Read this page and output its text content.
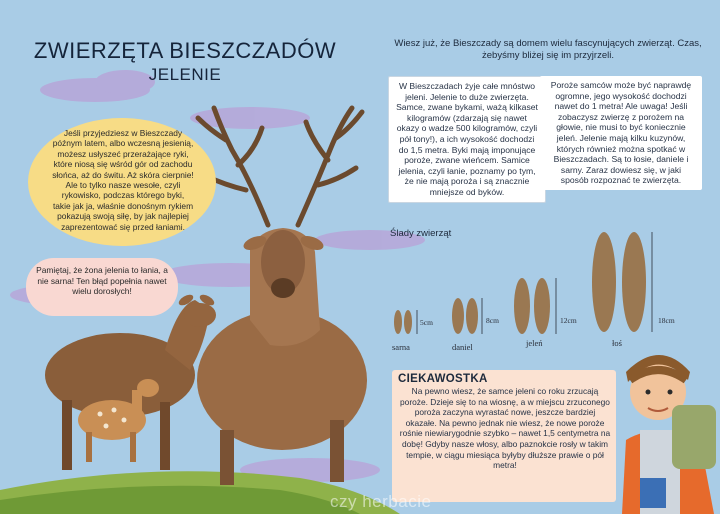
ZWIERZĘTA BIESZCZADÓW
JELENIE
Wiesz już, że Bieszczady są domem wielu fascynujących zwierząt. Czas, żebyśmy bliżej się im przyjrzeli.

W Bieszczadach żyje całe mnóstwo jeleni. Jelenie to duże zwierzęta. Samce, zwane bykami, ważą kilkaset kilogramów (zdarzają się nawet okazy o wadze 500 kilogramów, czyli pół tony!), a ich wysokość dochodzi do 1,5 metra. Byki mają imponujące poroże, zwane wieńcem. Samice jelenia, czyli łanie, poznamy po tym, że nie mają poroża i są znacznie mniejsze od byków.

Poroże samców może być naprawdę ogromne, jego wysokość dochodzi nawet do 1 metra! Ale uwaga! Jeśli zobaczysz zwierzę z porożem na głowie, nie musi to być koniecznie jeleń. Jelenie mają kilku kuzynów, których również można spotkać w Bieszczadach. Są to łosie, daniele i sarny. Zaraz dowiesz się, w jaki sposób rozpoznać te zwierzęta.

Ślady zwierząt
5cm	8cm	12cm	18cm
sarna	daniel	jeleń	łoś
Jeśli przyjedziesz w Bieszczady późnym latem, albo wczesną jesienią, możesz usłyszeć przerażające ryki, które niosą się wśród gór od zachodu słońca, aż do świtu. Aż skóra cierpnie! Ale to tylko nasze wesołe, czyli rykowisko, podczas którego byki, takie jak ja, właśnie donośnym rykiem pokazują swoją siłę, by jak najlepiej zaprezentować się przed łaniami.
Pamiętaj, że żona jelenia to łania, a nie sarna! Ten błąd popełnia nawet wielu dorosłych!
CIEKAWOSTKA
Na pewno wiesz, że samce jeleni co roku zrzucają poroże. Dzieje się to na wiosnę, a w miejscu zrzuconego poroża zaczyna wyrastać nowe, jeszcze bardziej okazałe. Na pewno jednak nie wiesz, że nowe poroże rośnie niewiarygodnie szybko – nawet 1,5 centymetra na dobę! Gdyby nasze włosy, albo paznokcie rosły w takim tempie, w ciągu miesiąca byłyby dłuższe prawie o pół metra!
czy herbacie
